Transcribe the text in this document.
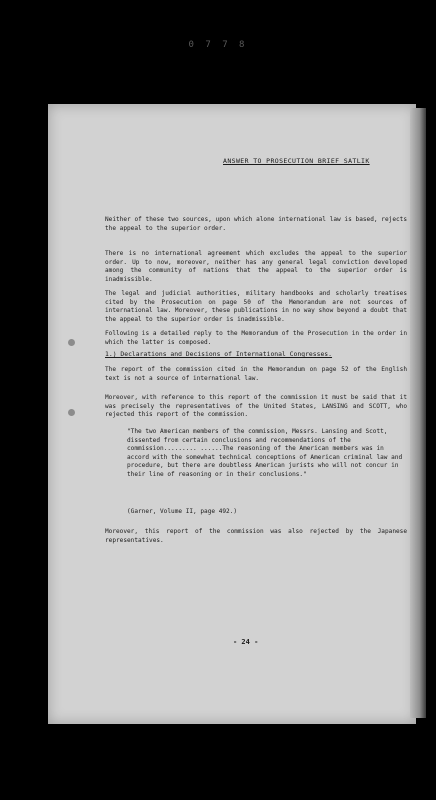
0 7 7 8
ANSWER TO PROSECUTION BRIEF SATLIK

Neither of these two sources, upon which alone international law is based, rejects the appeal to the superior order.

There is no international agreement which excludes the appeal to the superior order. Up to now, moreover, neither has any general legal conviction developed among the community of nations that the appeal to the superior order is inadmissible.

The legal and judicial authorities, military handbooks and scholarly treatises cited by the Prosecution on page 50 of the Memorandum are not sources of international law. Moreover, these publications in no way show beyond a doubt that the appeal to the superior order is inadmissible.

Following is a detailed reply to the Memorandum of the Prosecution in the order in which the latter is composed.

1.) Declarations and Decisions of International Congresses.

The report of the commission cited in the Memorandum on page 52 of the English text is not a source of international law.

Moreover, with reference to this report of the commission it must be said that it was precisely the representatives of the United States, LANSING and SCOTT, who rejected this report of the commission.

"The two American members of the commission, Messrs. Lansing and Scott, dissented from certain conclusions and recommendations of the commission......... ......The reasoning of the American members was in accord with the somewhat technical conceptions of American criminal law and procedure, but there are doubtless American jurists who will not concur in their line of reasoning or in their conclusions."

(Garner, Volume II, page 492.)

Moreover, this report of the commission was also rejected by the Japanese representatives.

- 24 -
